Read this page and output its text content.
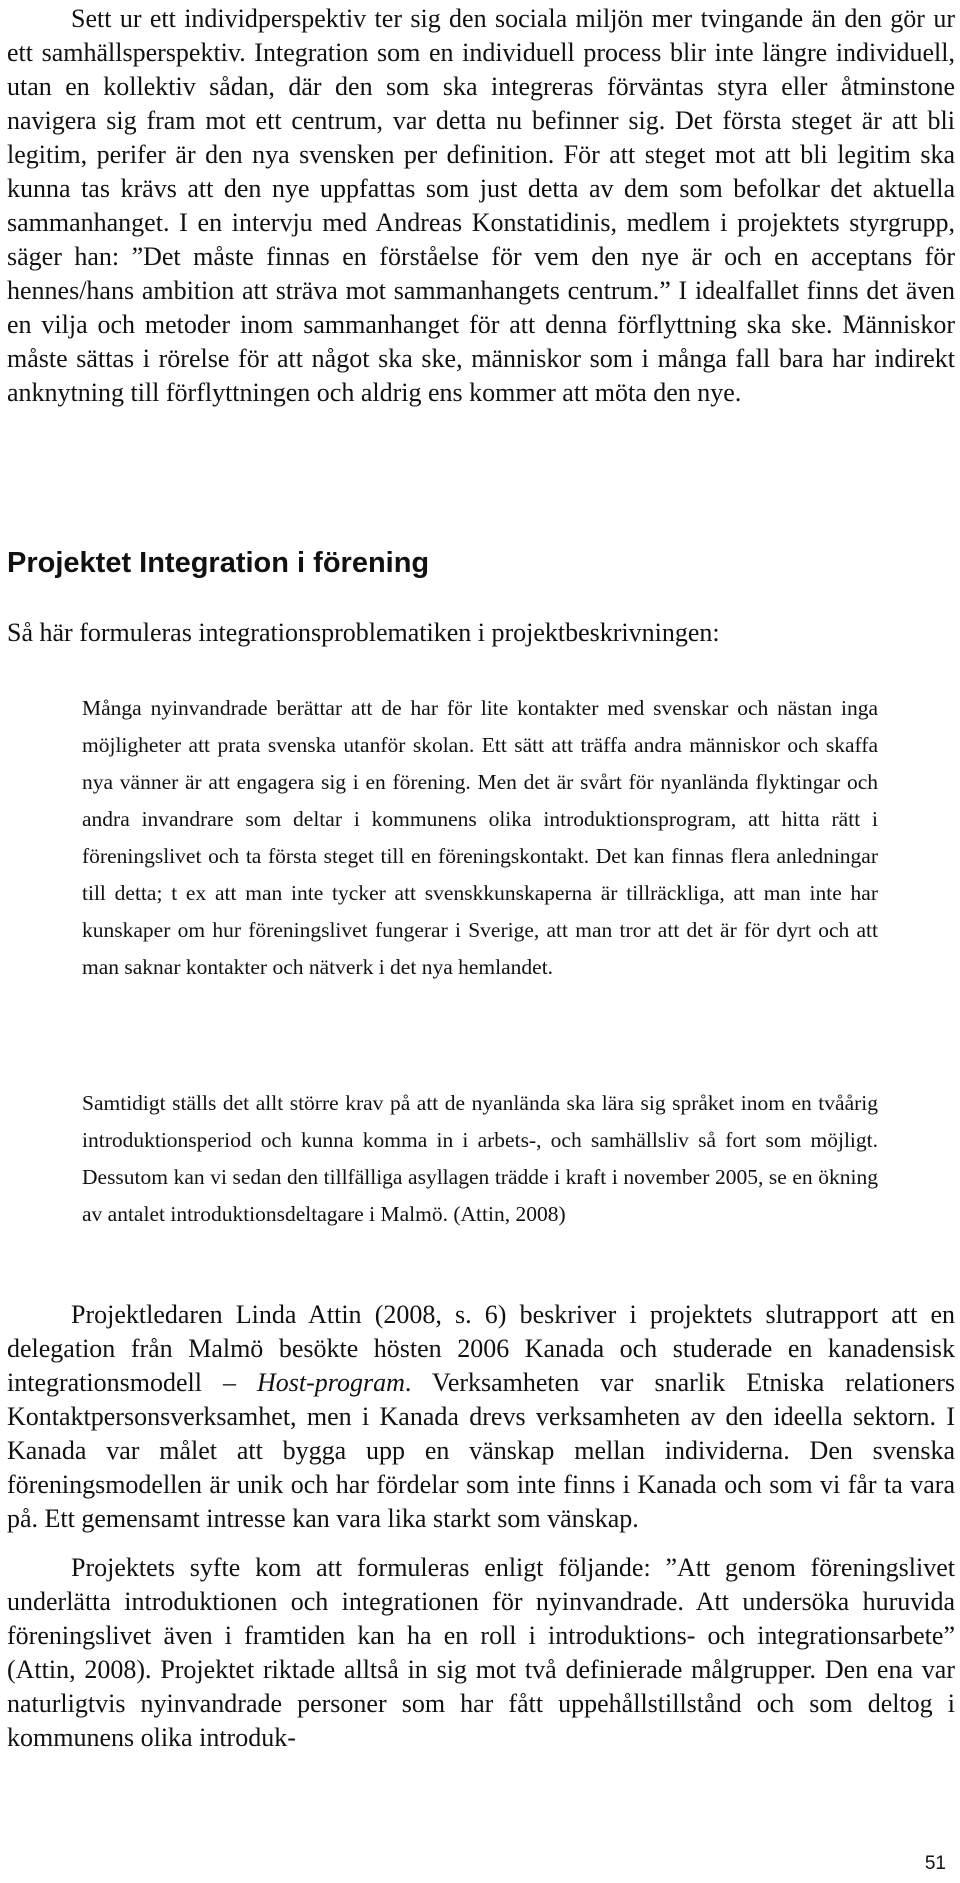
Sett ur ett individperspektiv ter sig den sociala miljön mer tvingande än den gör ur ett samhällsperspektiv. Integration som en individuell process blir inte längre individuell, utan en kollektiv sådan, där den som ska integreras förväntas styra eller åtminstone navigera sig fram mot ett centrum, var detta nu befinner sig. Det första steget är att bli legitim, perifer är den nya svensken per definition. För att steget mot att bli legitim ska kunna tas krävs att den nye uppfattas som just detta av dem som befolkar det aktuella sammanhanget. I en intervju med Andreas Konstatidinis, medlem i projektets styrgrupp, säger han: ”Det måste finnas en förståelse för vem den nye är och en acceptans för hennes/hans ambition att sträva mot sammanhangets centrum.” I idealfallet finns det även en vilja och metoder inom sammanhanget för att denna förflyttning ska ske. Människor måste sättas i rörelse för att något ska ske, människor som i många fall bara har indirekt anknytning till förflyttningen och aldrig ens kommer att möta den nye.

Projektet Integration i förening

Så här formuleras integrationsproblematiken i projektbeskrivningen:

Många nyinvandrade berättar att de har för lite kontakter med svenskar och nästan inga möjligheter att prata svenska utanför skolan. Ett sätt att träffa andra människor och skaffa nya vänner är att engagera sig i en förening. Men det är svårt för nyanlända flyktingar och andra invandrare som deltar i kommunens olika introduktionsprogram, att hitta rätt i föreningslivet och ta första steget till en föreningskontakt. Det kan finnas flera anledningar till detta; t ex att man inte tycker att svenskkunskaperna är tillräckliga, att man inte har kunskaper om hur föreningslivet fungerar i Sverige, att man tror att det är för dyrt och att man saknar kontakter och nätverk i det nya hemlandet.

Samtidigt ställs det allt större krav på att de nyanlända ska lära sig språket inom en tvåårig introduktionsperiod och kunna komma in i arbets-, och samhällsliv så fort som möjligt. Dessutom kan vi sedan den tillfälliga asyllagen trädde i kraft i november 2005, se en ökning av antalet introduktionsdeltagare i Malmö. (Attin, 2008)

Projektledaren Linda Attin (2008, s. 6) beskriver i projektets slutrapport att en delegation från Malmö besökte hösten 2006 Kanada och studerade en kanadensisk integrationsmodell – Host-program. Verksamheten var snarlik Etniska relationers Kontaktpersonsverksamhet, men i Kanada drevs verksamheten av den ideella sektorn. I Kanada var målet att bygga upp en vänskap mellan individerna. Den svenska föreningsmodellen är unik och har fördelar som inte finns i Kanada och som vi får ta vara på. Ett gemensamt intresse kan vara lika starkt som vänskap.

Projektets syfte kom att formuleras enligt följande: ”Att genom föreningslivet underlätta introduktionen och integrationen för nyinvandrade. Att undersöka huruvida föreningslivet även i framtiden kan ha en roll i introduktions- och integrationsarbete” (Attin, 2008). Projektet riktade alltså in sig mot två definierade målgrupper. Den ena var naturligtvis nyinvandrade personer som har fått uppehållstillstånd och som deltog i kommunens olika introduk-

51
